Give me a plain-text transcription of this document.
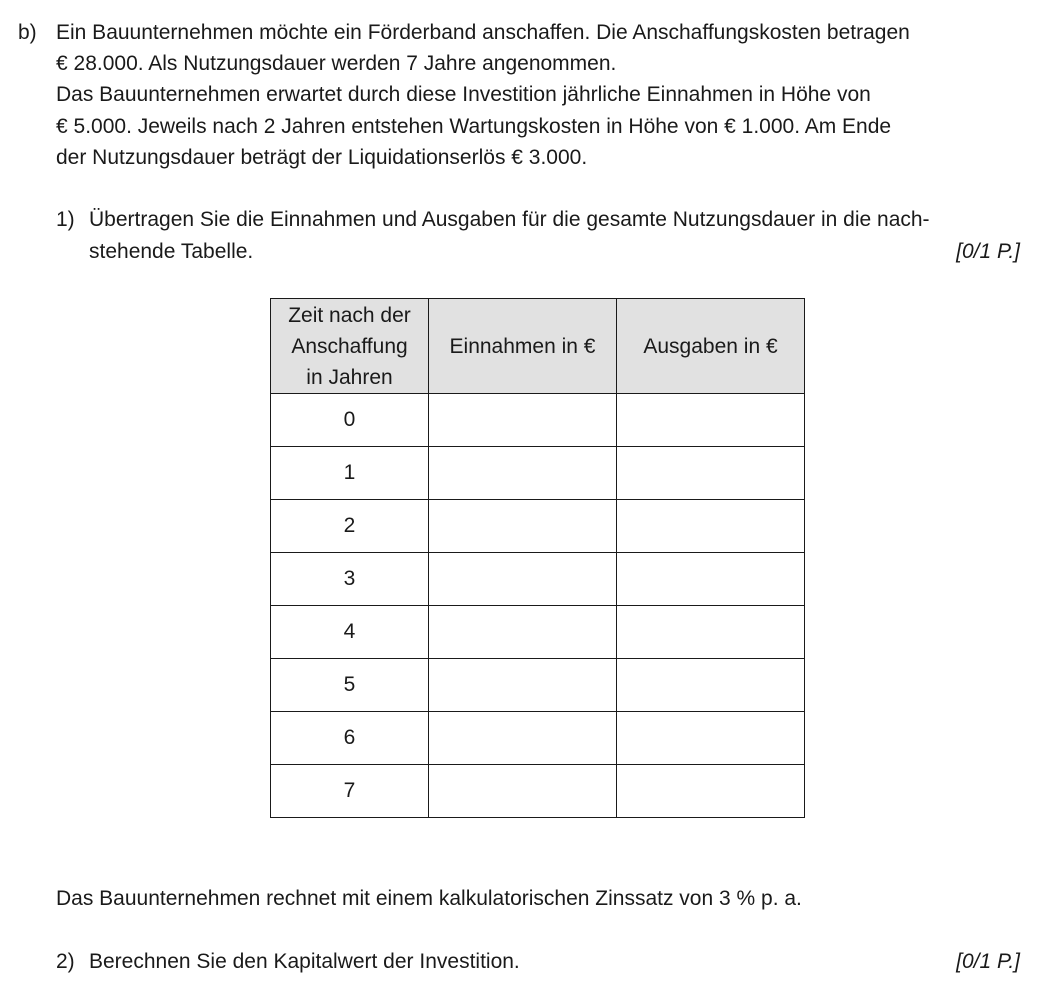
b) Ein Bauunternehmen möchte ein Förderband anschaffen. Die Anschaffungskosten betragen
€ 28.000. Als Nutzungsdauer werden 7 Jahre angenommen.
Das Bauunternehmen erwartet durch diese Investition jährliche Einnahmen in Höhe von
€ 5.000. Jeweils nach 2 Jahren entstehen Wartungskosten in Höhe von € 1.000. Am Ende
der Nutzungsdauer beträgt der Liquidationserlös € 3.000.
1) Übertragen Sie die Einnahmen und Ausgaben für die gesamte Nutzungsdauer in die nach-
stehende Tabelle.	[0/1 P.]
Zeit nach der
Anschaffung
in Jahren	Einnahmen in €	Ausgaben in €
0		
1		
2		
3		
4		
5		
6		
7		
Das Bauunternehmen rechnet mit einem kalkulatorischen Zinssatz von 3 % p. a.
2) Berechnen Sie den Kapitalwert der Investition.	[0/1 P.]
